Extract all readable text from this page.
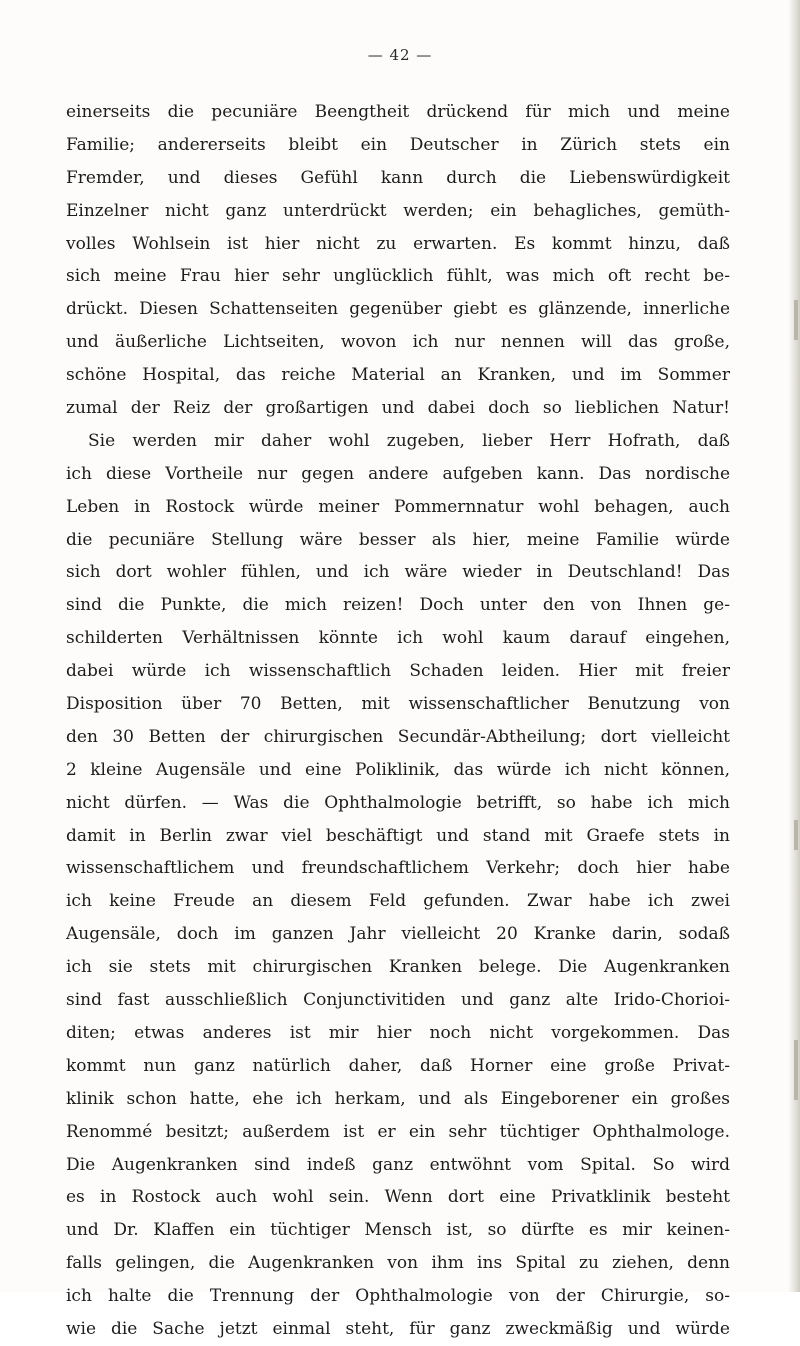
— 42 —
einerseits die pecuniäre Beengtheit drückend für mich und meine
Familie; andererseits bleibt ein Deutscher in Zürich stets ein
Fremder, und dieses Gefühl kann durch die Liebenswürdigkeit
Einzelner nicht ganz unterdrückt werden; ein behagliches, gemüth-
volles Wohlsein ist hier nicht zu erwarten. Es kommt hinzu, daß
sich meine Frau hier sehr unglücklich fühlt, was mich oft recht be-
drückt. Diesen Schattenseiten gegenüber giebt es glänzende, innerliche
und äußerliche Lichtseiten, wovon ich nur nennen will das große,
schöne Hospital, das reiche Material an Kranken, und im Sommer
zumal der Reiz der großartigen und dabei doch so lieblichen Natur!
Sie werden mir daher wohl zugeben, lieber Herr Hofrath, daß
ich diese Vortheile nur gegen andere aufgeben kann. Das nordische
Leben in Rostock würde meiner Pommernnatur wohl behagen, auch
die pecuniäre Stellung wäre besser als hier, meine Familie würde
sich dort wohler fühlen, und ich wäre wieder in Deutschland! Das
sind die Punkte, die mich reizen! Doch unter den von Ihnen ge-
schilderten Verhältnissen könnte ich wohl kaum darauf eingehen,
dabei würde ich wissenschaftlich Schaden leiden. Hier mit freier
Disposition über 70 Betten, mit wissenschaftlicher Benutzung von
den 30 Betten der chirurgischen Secundär-Abtheilung; dort vielleicht
2 kleine Augensäle und eine Poliklinik, das würde ich nicht können,
nicht dürfen. — Was die Ophthalmologie betrifft, so habe ich mich
damit in Berlin zwar viel beschäftigt und stand mit Graefe stets in
wissenschaftlichem und freundschaftlichem Verkehr; doch hier habe
ich keine Freude an diesem Feld gefunden. Zwar habe ich zwei
Augensäle, doch im ganzen Jahr vielleicht 20 Kranke darin, sodaß
ich sie stets mit chirurgischen Kranken belege. Die Augenkranken
sind fast ausschließlich Conjunctivitiden und ganz alte Irido-Chorioi-
diten; etwas anderes ist mir hier noch nicht vorgekommen. Das
kommt nun ganz natürlich daher, daß Horner eine große Privat-
klinik schon hatte, ehe ich herkam, und als Eingeborener ein großes
Renommé besitzt; außerdem ist er ein sehr tüchtiger Ophthalmologe.
Die Augenkranken sind indeß ganz entwöhnt vom Spital. So wird
es in Rostock auch wohl sein. Wenn dort eine Privatklinik besteht
und Dr. Klaffen ein tüchtiger Mensch ist, so dürfte es mir keinen-
falls gelingen, die Augenkranken von ihm ins Spital zu ziehen, denn
ich halte die Trennung der Ophthalmologie von der Chirurgie, so-
wie die Sache jetzt einmal steht, für ganz zweckmäßig und würde
